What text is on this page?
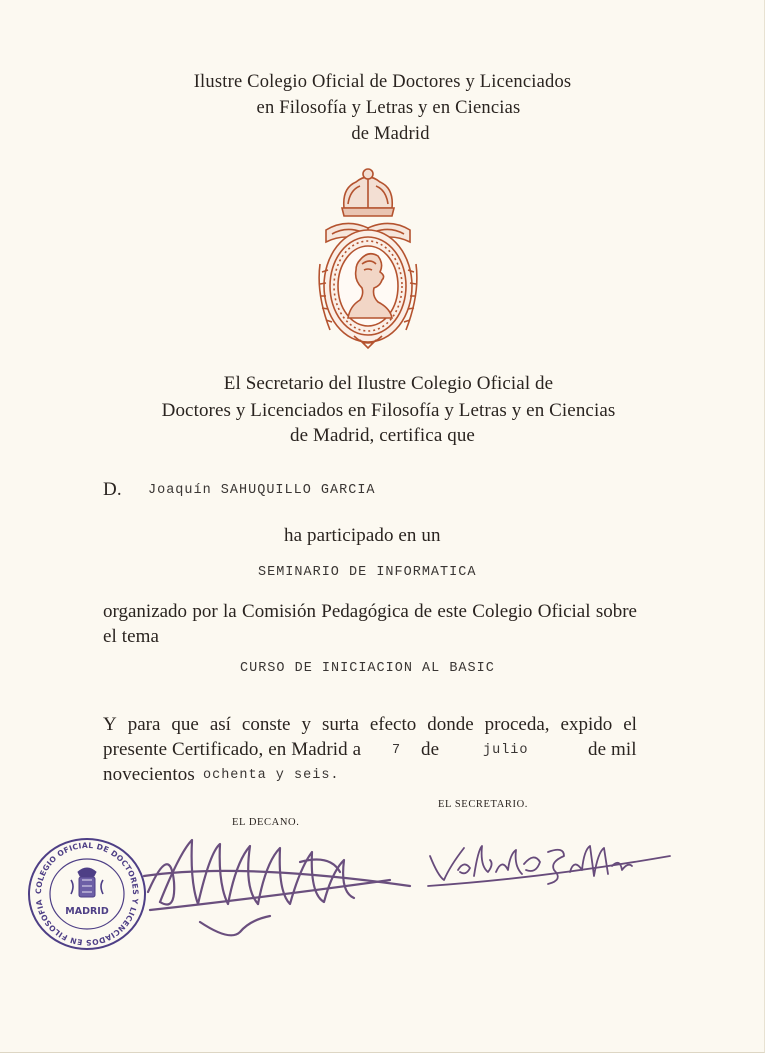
Ilustre Colegio Oficial de Doctores y Licenciados
en Filosofía y Letras y en Ciencias
de Madrid
El Secretario del Ilustre Colegio Oficial de
Doctores y Licenciados en Filosofía y Letras y en Ciencias
de Madrid, certifica que
D. Joaquín SAHUQUILLO GARCIA
ha participado en un
SEMINARIO DE INFORMATICA
organizado por la Comisión Pedagógica de este Colegio Oficial sobre
el tema
CURSO DE INICIACION AL BASIC
Y para que así conste y surta efecto donde proceda, expido el
presente Certificado, en Madrid a 7 de	julio	de mil
novecientos ochenta y seis.
EL SECRETARIO.
EL DECANO.
COLEGIO OFICIAL DE DOCTORES Y LICENCIADOS EN FILOSOFIA Y LETRAS Y EN CIENCIAS
MADRID
